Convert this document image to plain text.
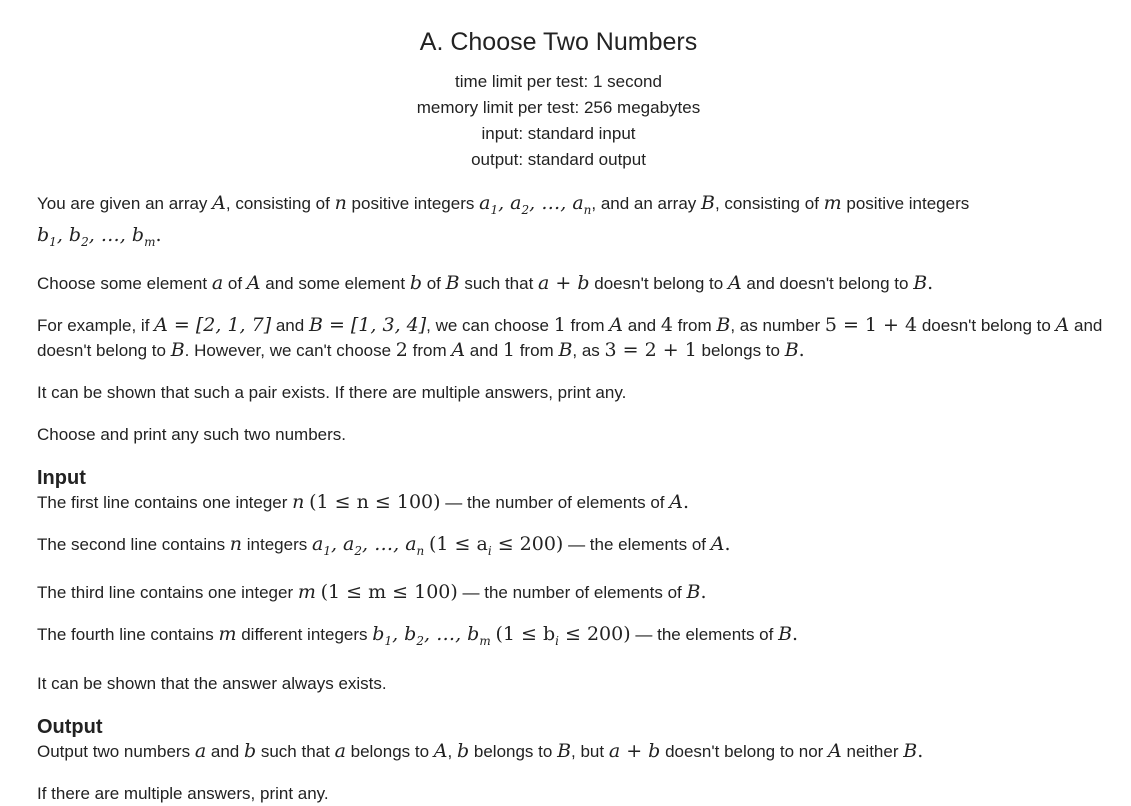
A. Choose Two Numbers
time limit per test: 1 second
memory limit per test: 256 megabytes
input: standard input
output: standard output

You are given an array A, consisting of n positive integers $a_1$, $a_2$, …, $a_n$, and an array B, consisting of m positive integers
$b_1$, $b_2$, …, $b_m$.

Choose some element a of A and some element b of B such that a + b doesn't belong to A and doesn't belong to B.

For example, if A = [2, 1, 7] and B = [1, 3, 4], we can choose 1 from A and 4 from B, as number 5 = 1 + 4 doesn't belong to A and
doesn't belong to B. However, we can't choose 2 from A and 1 from B, as 3 = 2 + 1 belongs to B.

It can be shown that such a pair exists. If there are multiple answers, print any.

Choose and print any such two numbers.

Input

The first line contains one integer n (1 ≤ n ≤ 100) — the number of elements of A.

The second line contains n integers $a_1$, $a_2$, …, $a_n$ $(1 \le a_i \le 200)$ — the elements of A.

The third line contains one integer m (1 ≤ m ≤ 100) — the number of elements of B.

The fourth line contains m different integers $b_1$, $b_2$, …, $b_m$ $(1 \le b_i \le 200)$ — the elements of B.

It can be shown that the answer always exists.

Output

Output two numbers a and b such that a belongs to A, b belongs to B, but a + b doesn't belong to nor A neither B.

If there are multiple answers, print any.
